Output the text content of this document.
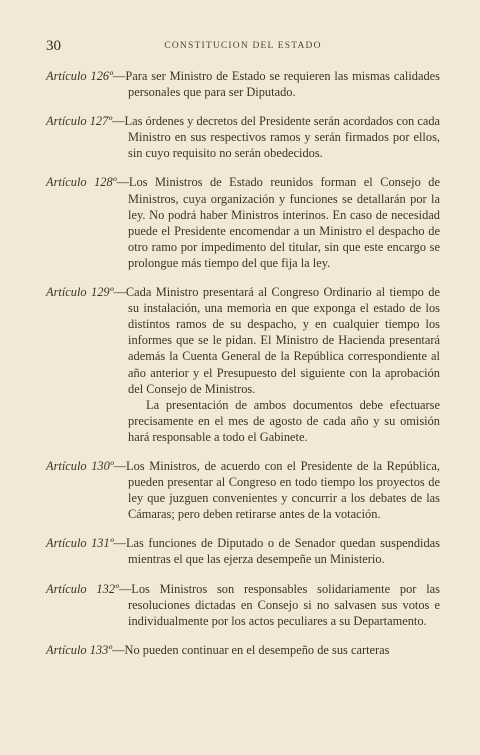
30	CONSTITUCION DEL ESTADO

Artículo 126º—Para ser Ministro de Estado se requieren las mismas calidades personales que para ser Diputado.

Artículo 127º—Las órdenes y decretos del Presidente serán acordados con cada Ministro en sus respectivos ramos y serán firmados por ellos, sin cuyo requisito no serán obedecidos.

Artículo 128º—Los Ministros de Estado reunidos forman el Consejo de Ministros, cuya organización y funciones se detallarán por la ley. No podrá haber Ministros interinos. En caso de necesidad puede el Presidente encomendar a un Ministro el despacho de otro ramo por impedimento del titular, sin que este encargo se prolongue más tiempo del que fija la ley.

Artículo 129º—Cada Ministro presentará al Congreso Ordinario al tiempo de su instalación, una memoria en que exponga el estado de los distintos ramos de su despacho, y en cualquier tiempo los informes que se le pidan. El Ministro de Hacienda presentará además la Cuenta General de la República correspondiente al año anterior y el Presupuesto del siguiente con la aprobación del Consejo de Ministros.

La presentación de ambos documentos debe efectuarse precisamente en el mes de agosto de cada año y su omisión hará responsable a todo el Gabinete.

Artículo 130º—Los Ministros, de acuerdo con el Presidente de la República, pueden presentar al Congreso en todo tiempo los proyectos de ley que juzguen convenientes y concurrir a los debates de las Cámaras; pero deben retirarse antes de la votación.

Artículo 131º—Las funciones de Diputado o de Senador quedan suspendidas mientras el que las ejerza desempeñe un Ministerio.

Artículo 132º—Los Ministros son responsables solidariamente por las resoluciones dictadas en Consejo si no salvasen sus votos e individualmente por los actos peculiares a su Departamento.

Artículo 133º—No pueden continuar en el desempeño de sus carteras
